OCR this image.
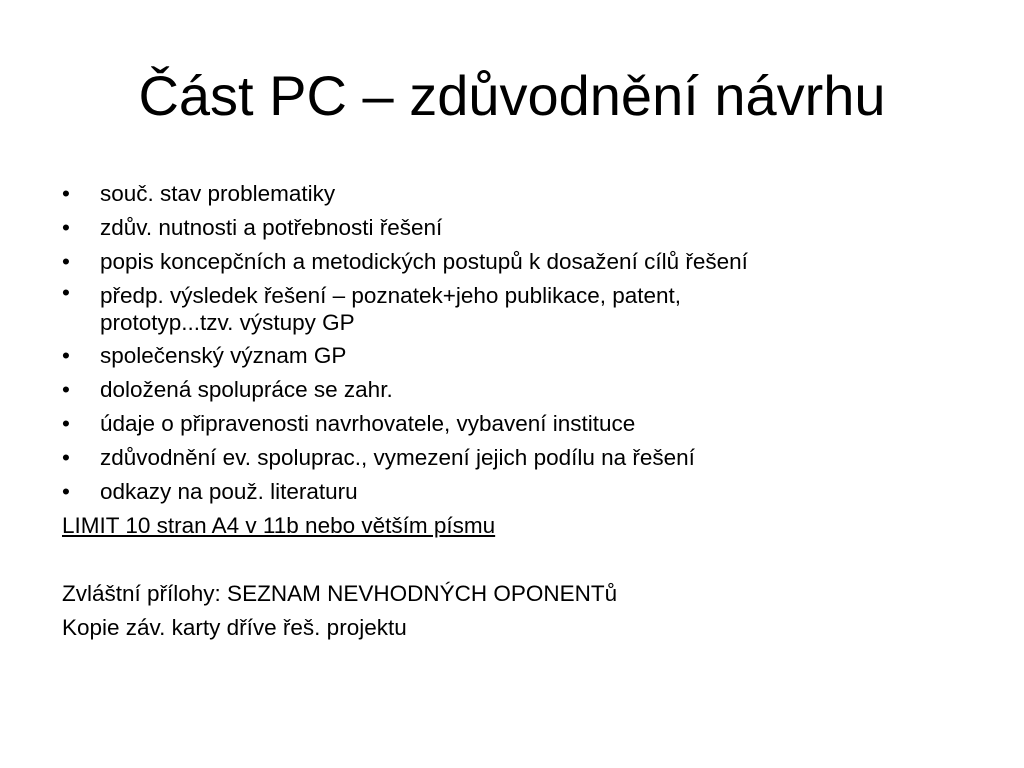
Část PC – zdůvodnění návrhu
• souč. stav problematiky
• zdův. nutnosti a potřebnosti řešení
• popis koncepčních a metodických postupů k dosažení cílů řešení
• předp. výsledek řešení – poznatek+jeho publikace, patent,
prototyp...tzv. výstupy GP
• společenský význam GP
• doložená spolupráce se zahr.
• údaje o připravenosti navrhovatele, vybavení instituce
• zdůvodnění ev. spoluprac., vymezení jejich podílu na řešení
• odkazy na použ. literaturu
LIMIT 10 stran A4 v 11b nebo větším písmu
Zvláštní přílohy: SEZNAM NEVHODNÝCH OPONENTů
Kopie záv. karty dříve řeš. projektu
